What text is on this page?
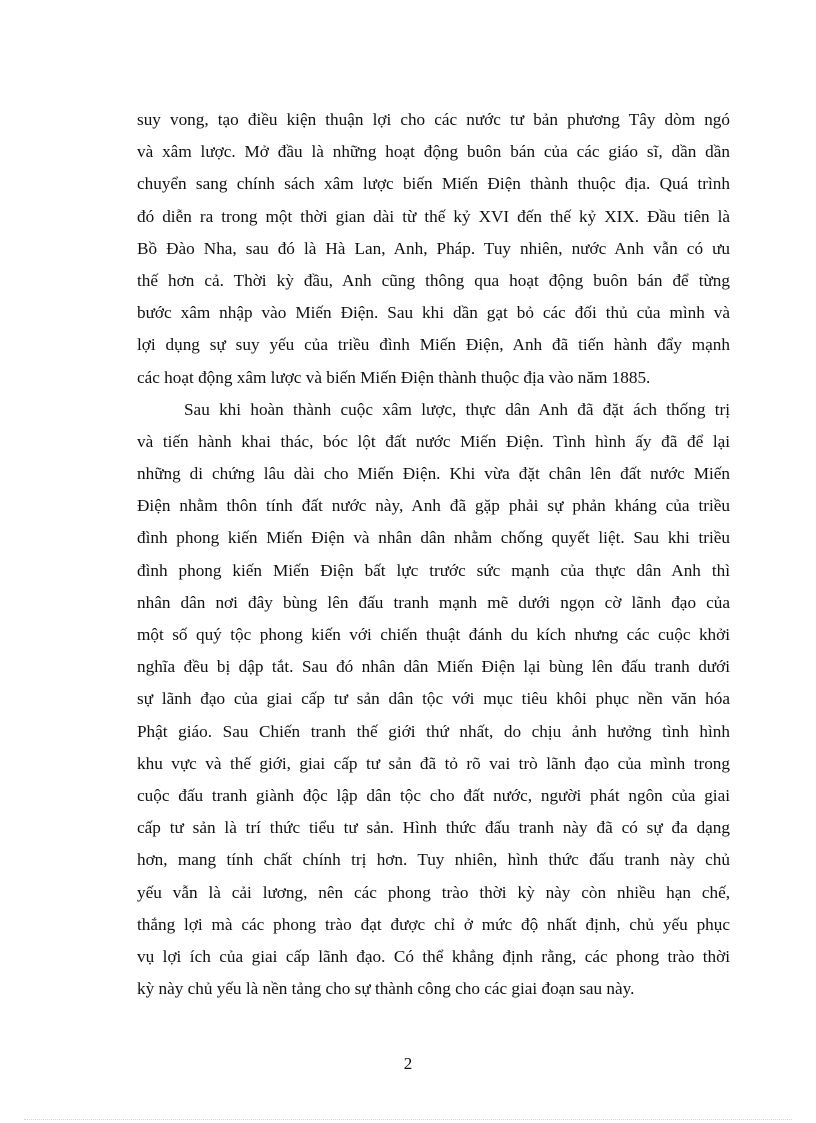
suy vong, tạo điều kiện thuận lợi cho các nước tư bản phương Tây dòm ngó
và xâm lược. Mở đầu là những hoạt động buôn bán của các giáo sĩ, dần dần
chuyển sang chính sách xâm lược biến Miến Điện thành thuộc địa. Quá trình
đó diễn ra trong một thời gian dài từ thế kỷ XVI đến thế kỷ XIX. Đầu tiên là
Bồ Đào Nha, sau đó là Hà Lan, Anh, Pháp. Tuy nhiên, nước Anh vẫn có ưu
thế hơn cả. Thời kỳ đầu, Anh cũng thông qua hoạt động buôn bán để từng
bước xâm nhập vào Miến Điện. Sau khi dần gạt bỏ các đối thủ của mình và
lợi dụng sự suy yếu của triều đình Miến Điện, Anh đã tiến hành đẩy mạnh
các hoạt động xâm lược và biến Miến Điện thành thuộc địa vào năm 1885.
Sau khi hoàn thành cuộc xâm lược, thực dân Anh đã đặt ách thống trị
và tiến hành khai thác, bóc lột đất nước Miến Điện. Tình hình ấy đã để lại
những di chứng lâu dài cho Miến Điện. Khi vừa đặt chân lên đất nước Miến
Điện nhằm thôn tính đất nước này, Anh đã gặp phải sự phản kháng của triều
đình phong kiến Miến Điện và nhân dân nhằm chống quyết liệt. Sau khi triều
đình phong kiến Miến Điện bất lực trước sức mạnh của thực dân Anh thì
nhân dân nơi đây bùng lên đấu tranh mạnh mẽ dưới ngọn cờ lãnh đạo của
một số quý tộc phong kiến với chiến thuật đánh du kích nhưng các cuộc khởi
nghĩa đều bị dập tắt. Sau đó nhân dân Miến Điện lại bùng lên đấu tranh dưới
sự lãnh đạo của giai cấp tư sản dân tộc với mục tiêu khôi phục nền văn hóa
Phật giáo. Sau Chiến tranh thế giới thứ nhất, do chịu ảnh hưởng tình hình
khu vực và thế giới, giai cấp tư sản đã tỏ rõ vai trò lãnh đạo của mình trong
cuộc đấu tranh giành độc lập dân tộc cho đất nước, người phát ngôn của giai
cấp tư sản là trí thức tiểu tư sản. Hình thức đấu tranh này đã có sự đa dạng
hơn, mang tính chất chính trị hơn. Tuy nhiên, hình thức đấu tranh này chủ
yếu vẫn là cải lương, nên các phong trào thời kỳ này còn nhiều hạn chế,
thắng lợi mà các phong trào đạt được chỉ ở mức độ nhất định, chủ yếu phục
vụ lợi ích của giai cấp lãnh đạo. Có thể khẳng định rằng, các phong trào thời
kỳ này chủ yếu là nền tảng cho sự thành công cho các giai đoạn sau này.
2
